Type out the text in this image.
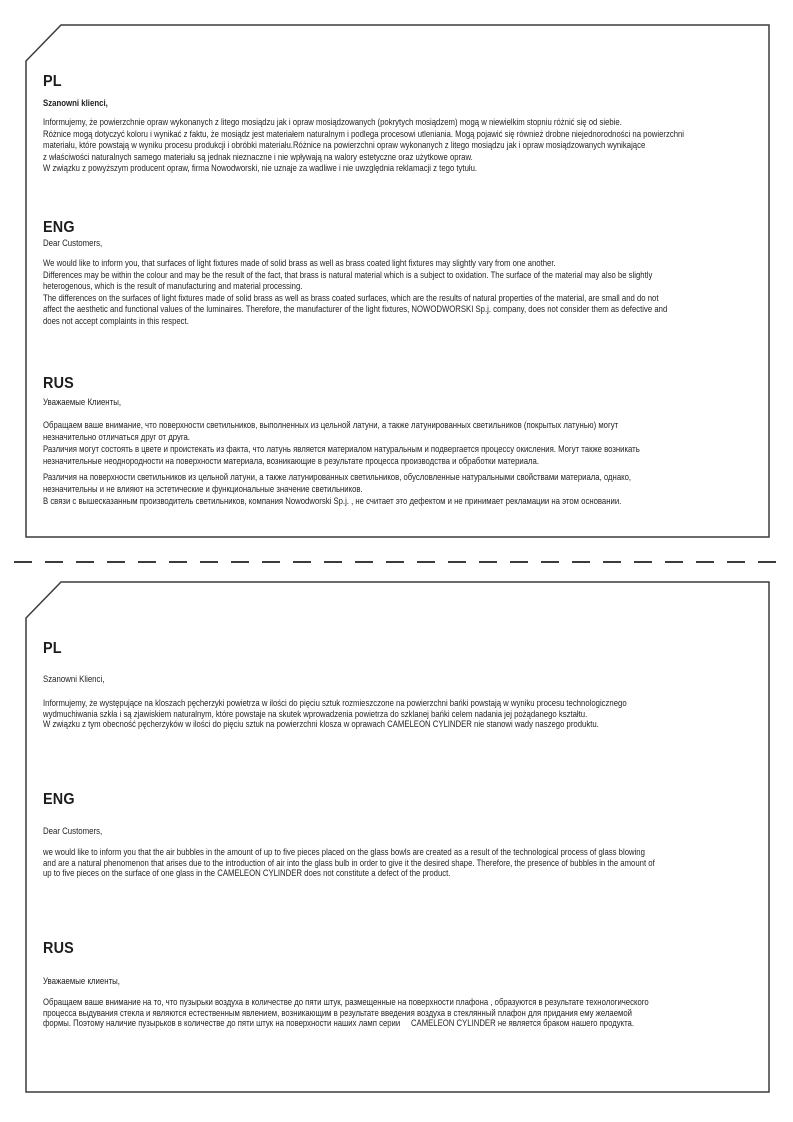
PL
Szanowni klienci,
Informujemy, że powierzchnie opraw wykonanych z litego mosiądzu jak i opraw mosiądzowanych (pokrytych mosiądzem) mogą w niewielkim stopniu różnić się od siebie.
Różnice mogą dotyczyć koloru i wynikać z faktu, że mosiądz jest materiałem naturalnym i podlega procesowi utleniania. Mogą pojawić się również drobne niejednorodności na powierzchni
materiału, które powstają w wyniku procesu produkcji i obróbki materiału.Różnice na powierzchni opraw wykonanych z litego mosiądzu jak i opraw mosiądzowanych wynikające
z właściwości naturalnych samego materiału są jednak nieznaczne i nie wpływają na walory estetyczne oraz użytkowe opraw.
W związku z powyższym producent opraw, firma Nowodworski, nie uznaje za wadliwe i nie uwzględnia reklamacji z tego tytułu.
ENG
Dear Customers,
We would like to inform you, that surfaces of light fixtures made of solid brass as well as brass coated light fixtures may slightly vary from one another.
Differences may be within the colour and may be the result of the fact, that brass is natural material which is a subject to oxidation. The surface of the material may also be slightly
heterogenous, which is the result of manufacturing and material processing.
The differences on the surfaces of light fixtures made of solid brass as well as brass coated surfaces, which are the results of natural properties of the material, are small and do not
affect the aesthetic and functional values of the luminaires. Therefore, the manufacturer of the light fixtures, NOWODWORSKI Sp.j. company, does not consider them as defective and
does not accept complaints in this respect.
RUS
Уважаемые Клиенты,
Обращаем ваше внимание, что поверхности светильников, выполненных из цельной латуни, а также латунированных светильников (покрытых латунью) могут
незначительно отличаться друг от друга.
Различия могут состоять в цвете и проистекать из факта, что латунь является материалом натуральным и подвергается процессу окисления. Могут также возникать
незначительные неоднородности на поверхности материала, возникающие в результате процесса производства и обработки материала.
Различия на поверхности светильников из цельной латуни, а также латунированных светильников, обусловленные натуральными свойствами материала, однако,
незначительны и не влияют на эстетические и функциональные значение светильников.
В связи с вышесказанным производитель светильников, компания Nowodworski Sp.j. , не считает это дефектом и не принимает рекламации на этом основании.
PL
Szanowni Klienci,
Informujemy, że występujące na kloszach pęcherzyki powietrza w ilości do pięciu sztuk rozmieszczone na powierzchni bańki powstają w wyniku procesu technologicznego
wydmuchiwania szkła i są zjawiskiem naturalnym, które powstaje na skutek wprowadzenia powietrza do szklanej bańki celem nadania jej pożądanego kształtu.
W związku z tym obecność pęcherzyków w ilości do pięciu sztuk na powierzchni klosza w oprawach CAMELEON CYLINDER nie stanowi wady naszego produktu.
ENG
Dear Customers,
we would like to inform you that the air bubbles in the amount of up to five pieces placed on the glass bowls are created as a result of the technological process of glass blowing
and are a natural phenomenon that arises due to the introduction of air into the glass bulb in order to give it the desired shape. Therefore, the presence of bubbles in the amount of
up to five pieces on the surface of one glass in the CAMELEON CYLINDER does not constitute a defect of the product.
RUS
Уважаемые клиенты,
Обращаем ваше внимание на то, что пузырьки воздуха в количестве до пяти штук, размещенные на поверхности плафона , образуются в результате технологического
процесса выдувания стекла и являются естественным явлением, возникающим в результате введения воздуха в стеклянный плафон для придания ему желаемой
формы. Поэтому наличие пузырьков в количестве до пяти штук на поверхности наших ламп серии     CAMELEON CYLINDER не является браком нашего продукта.
